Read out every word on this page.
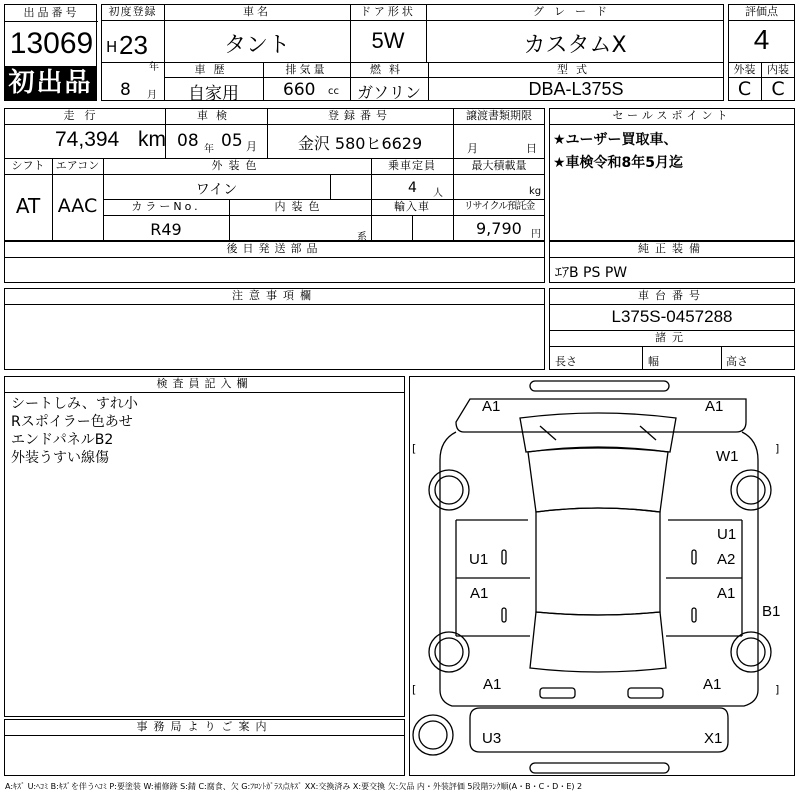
出品番号
13069
初出品
初度登録
H 23
年
8 月
車名
タント
ドア形状
5W
グレード
カスタムX
車歴
自家用
排気量
660 cc
燃料
ガソリン
型式
DBA-L375S
評価点
4
外装	内装
C	C
走行
74,394 km
車検
08 年 05 月
登録番号
金沢 580ヒ6629
譲渡書類期限
月	日
シフト
AT
エアコン
AAC
外装色
ワイン
乗車定員
4 人
最大積載量
kg
カラーNo.
R49
内装色
系
輸入車	リサイクル預託金
9,790 円
セールスポイント
★ユーザー買取車、
★車検令和8年5月迄
後日発送部品	純正装備
ｴｱB PS PW
注意事項欄	車台番号
L375S-0457288
諸元
長さ	幅	高さ
検査員記入欄
シートしみ、すれ小
Rスポイラー色あせ
エンドパネルB2
外装うすい線傷
事務局よりご案内
[	]
[	]
A1	A1
W1
U1
U1
A2
A1	A1
B1
A1	A1
U3	X1
A:ｷｽﾞ U:ﾍｺﾐ B:ｷｽﾞを伴うﾍｺﾐ P:要塗装 W:補修跡 S:錆 C:腐食、欠 G:ﾌﾛﾝﾄｶﾞﾗｽ点ｷｽﾞ XX:交換済み X:要交換 欠:欠品 内・外装評価 5段階ﾗﾝｸ順(A・B・C・D・E) 2
